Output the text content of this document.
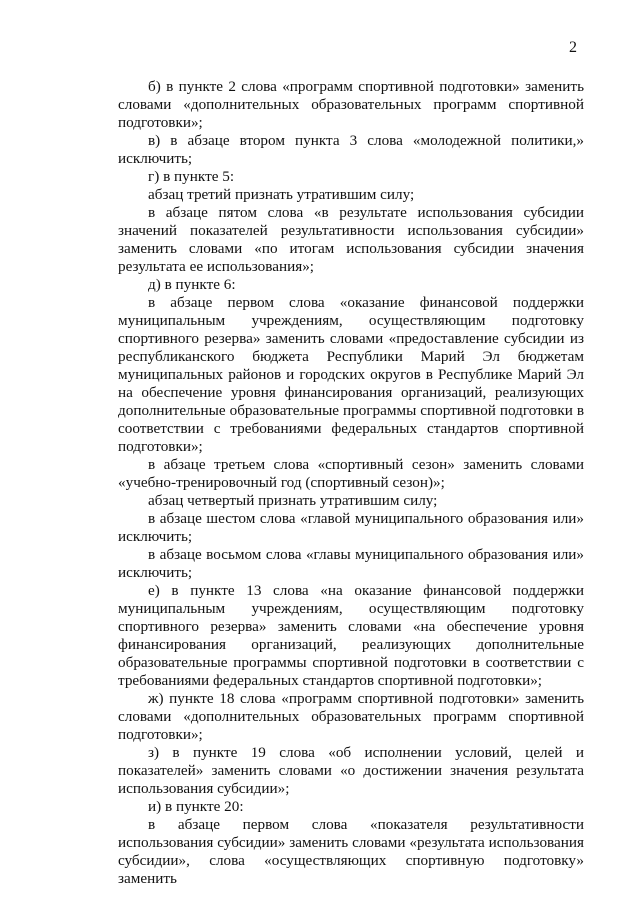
2

б) в пункте 2 слова «программ спортивной подготовки» заменить словами «дополнительных образовательных программ спортивной подготовки»;

в) в абзаце втором пункта 3 слова «молодежной политики,» исключить;

г) в пункте 5:

абзац третий признать утратившим силу;

в абзаце пятом слова «в результате использования субсидии значений показателей результативности использования субсидии» заменить словами «по итогам использования субсидии значения результата ее использования»;

д) в пункте 6:

в абзаце первом слова «оказание финансовой поддержки муниципальным учреждениям, осуществляющим подготовку спортивного резерва» заменить словами «предоставление субсидии из республиканского бюджета Республики Марий Эл бюджетам муниципальных районов и городских округов в Республике Марий Эл на обеспечение уровня финансирования организаций, реализующих дополнительные образовательные программы спортивной подготовки в соответствии с требованиями федеральных стандартов спортивной подготовки»;

в абзаце третьем слова «спортивный сезон» заменить словами «учебно-тренировочный год (спортивный сезон)»;

абзац четвертый признать утратившим силу;

в абзаце шестом слова «главой муниципального образования или» исключить;

в абзаце восьмом слова «главы муниципального образования или» исключить;

е) в пункте 13 слова «на оказание финансовой поддержки муниципальным учреждениям, осуществляющим подготовку спортивного резерва» заменить словами «на обеспечение уровня финансирования организаций, реализующих дополнительные образовательные программы спортивной подготовки в соответствии с требованиями федеральных стандартов спортивной подготовки»;

ж) пункте 18 слова «программ спортивной подготовки» заменить словами «дополнительных образовательных программ спортивной подготовки»;

з) в пункте 19 слова «об исполнении условий, целей и показателей» заменить словами «о достижении значения результата использования субсидии»;

и) в пункте 20:

в абзаце первом слова «показателя результативности использования субсидии» заменить словами «результата использования субсидии», слова «осуществляющих спортивную подготовку» заменить
